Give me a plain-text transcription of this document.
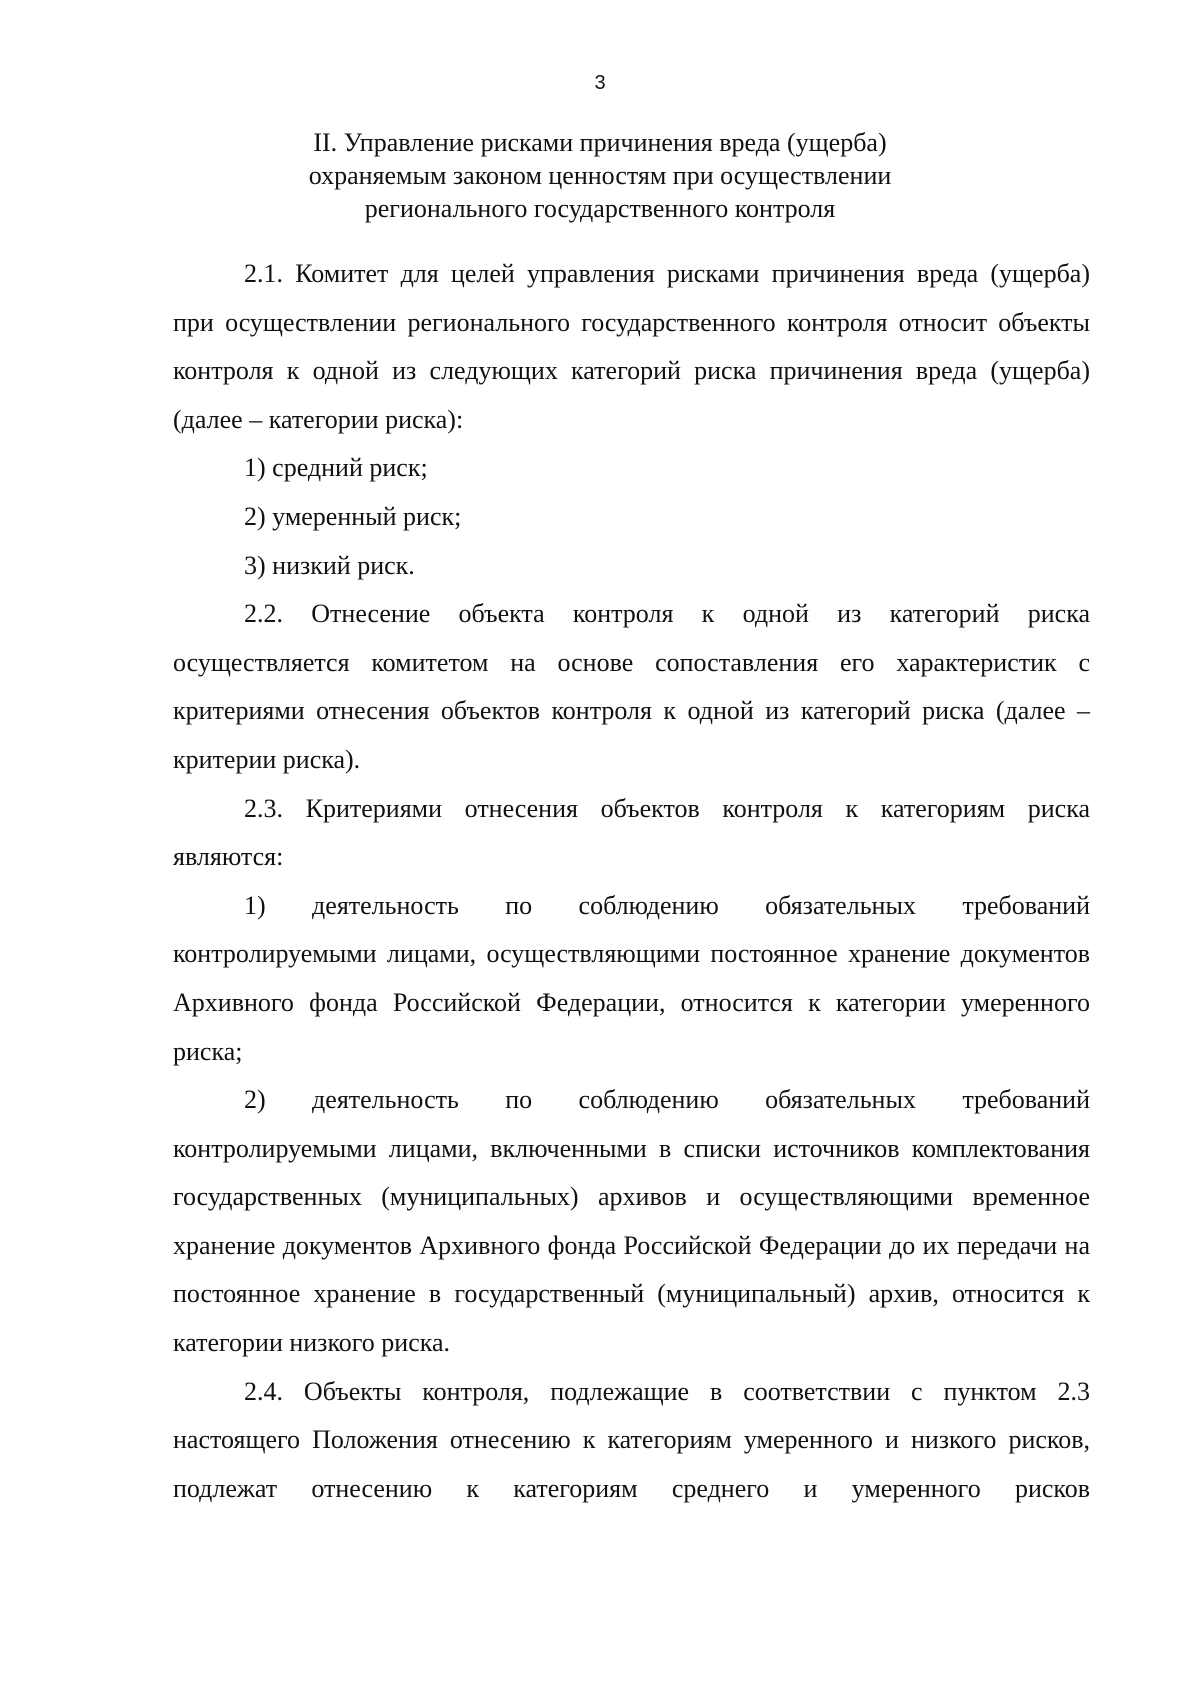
3
II. Управление рисками причинения вреда (ущерба)
охраняемым законом ценностям при осуществлении
регионального государственного контроля

2.1. Комитет для целей управления рисками причинения вреда (ущерба) при осуществлении регионального государственного контроля относит объекты контроля к одной из следующих категорий риска причинения вреда (ущерба) (далее – категории риска):

1) средний риск;

2) умеренный риск;

3) низкий риск.

2.2. Отнесение объекта контроля к одной из категорий риска осуществляется комитетом на основе сопоставления его характеристик с критериями отнесения объектов контроля к одной из категорий риска (далее – критерии риска).

2.3. Критериями отнесения объектов контроля к категориям риска являются:

1) деятельность по соблюдению обязательных требований контролируемыми лицами, осуществляющими постоянное хранение документов Архивного фонда Российской Федерации, относится к категории умеренного риска;

2) деятельность по соблюдению обязательных требований контролируемыми лицами, включенными в списки источников комплектования государственных (муниципальных) архивов и осуществляющими временное хранение документов Архивного фонда Российской Федерации до их передачи на постоянное хранение в государственный (муниципальный) архив, относится к категории низкого риска.

2.4. Объекты контроля, подлежащие в соответствии с пунктом 2.3 настоящего Положения отнесению к категориям умеренного и низкого рисков, подлежат отнесению к категориям среднего и умеренного рисков
